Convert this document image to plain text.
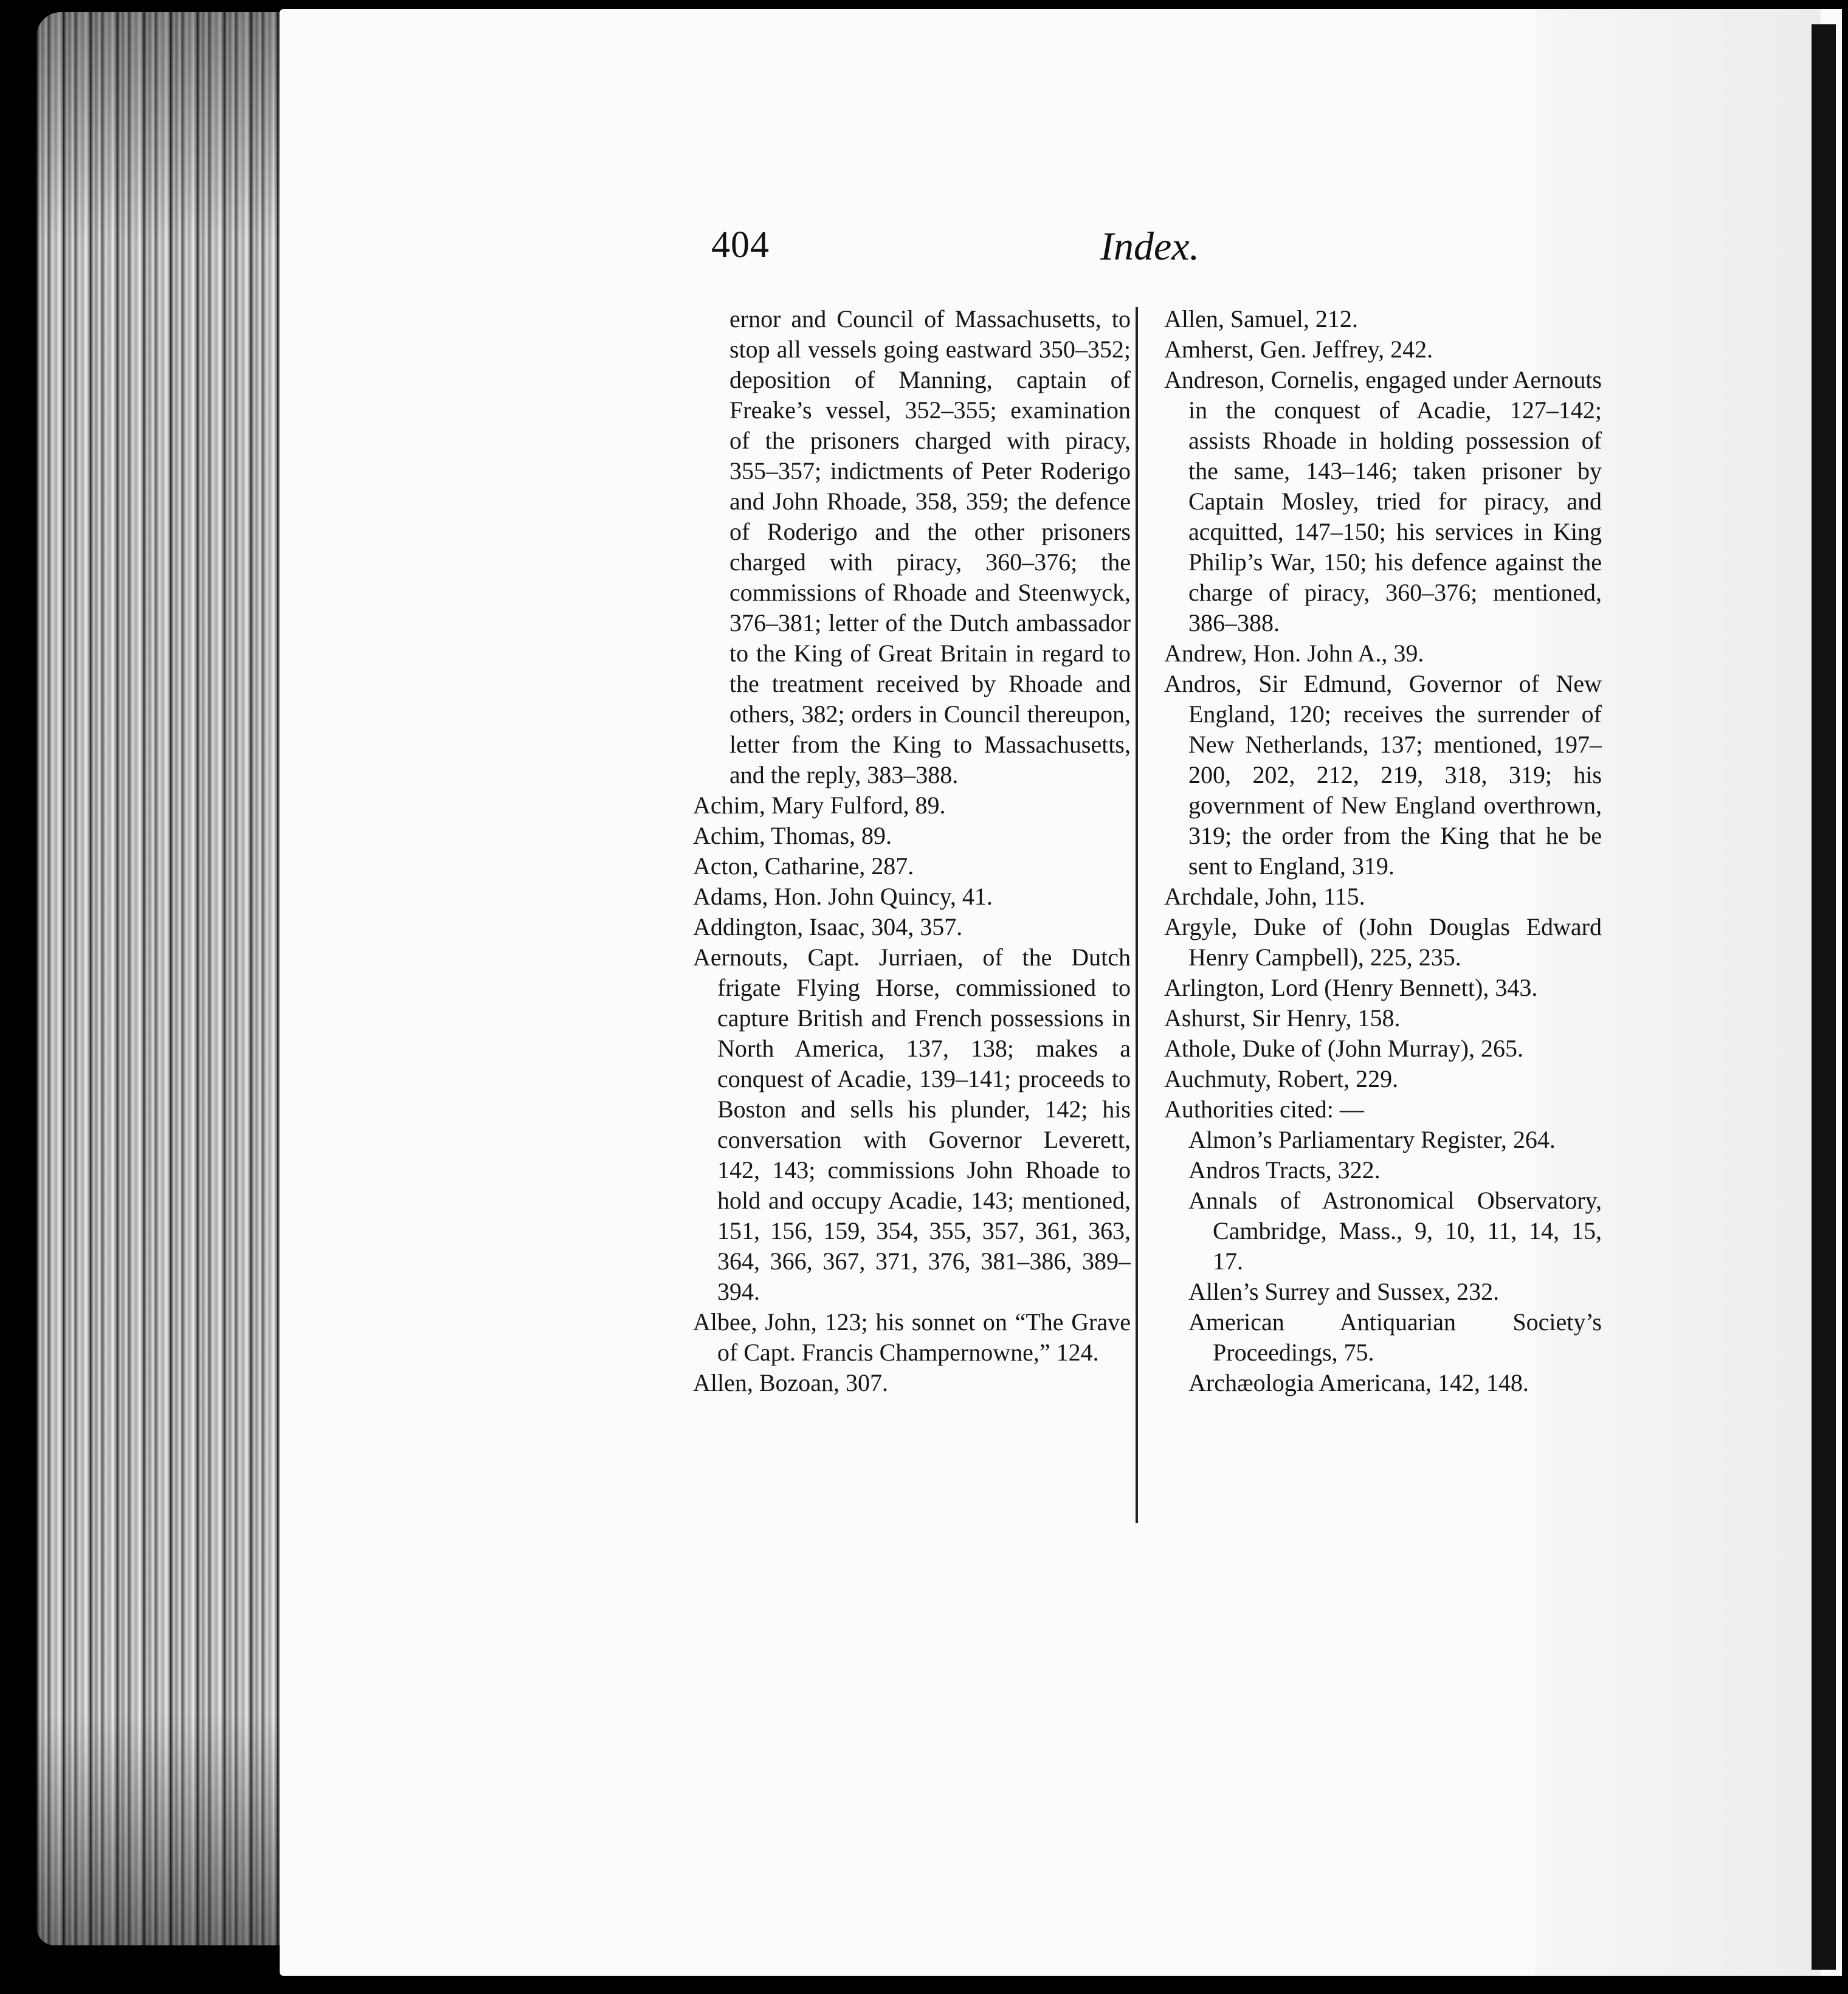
404	Index.

ernor and Council of Massachusetts, to stop all vessels going eastward 350–352; deposition of Manning, captain of Freake’s vessel, 352–355; examination of the prisoners charged with piracy, 355–357; indictments of Peter Roderigo and John Rhoade, 358, 359; the defence of Roderigo and the other prisoners charged with piracy, 360–376; the commissions of Rhoade and Steenwyck, 376–381; letter of the Dutch ambassador to the King of Great Britain in regard to the treatment received by Rhoade and others, 382; orders in Council thereupon, letter from the King to Massachusetts, and the reply, 383–388.

Achim, Mary Fulford, 89.

Achim, Thomas, 89.

Acton, Catharine, 287.

Adams, Hon. John Quincy, 41.

Addington, Isaac, 304, 357.

Aernouts, Capt. Jurriaen, of the Dutch frigate Flying Horse, commissioned to capture British and French possessions in North America, 137, 138; makes a conquest of Acadie, 139–141; proceeds to Boston and sells his plunder, 142; his conversation with Governor Leverett, 142, 143; commissions John Rhoade to hold and occupy Acadie, 143; mentioned, 151, 156, 159, 354, 355, 357, 361, 363, 364, 366, 367, 371, 376, 381–386, 389–394.

Albee, John, 123; his sonnet on “The Grave of Capt. Francis Champernowne,” 124.

Allen, Bozoan, 307.

Allen, Samuel, 212.

Amherst, Gen. Jeffrey, 242.

Andreson, Cornelis, engaged under Aernouts in the conquest of Acadie, 127–142; assists Rhoade in holding possession of the same, 143–146; taken prisoner by Captain Mosley, tried for piracy, and acquitted, 147–150; his services in King Philip’s War, 150; his defence against the charge of piracy, 360–376; mentioned, 386–388.

Andrew, Hon. John A., 39.

Andros, Sir Edmund, Governor of New England, 120; receives the surrender of New Netherlands, 137; mentioned, 197–200, 202, 212, 219, 318, 319; his government of New England overthrown, 319; the order from the King that he be sent to England, 319.

Archdale, John, 115.

Argyle, Duke of (John Douglas Edward Henry Campbell), 225, 235.

Arlington, Lord (Henry Bennett), 343.

Ashurst, Sir Henry, 158.

Athole, Duke of (John Murray), 265.

Auchmuty, Robert, 229.

Authorities cited: —

Almon’s Parliamentary Register, 264.

Andros Tracts, 322.

Annals of Astronomical Observatory, Cambridge, Mass., 9, 10, 11, 14, 15, 17.

Allen’s Surrey and Sussex, 232.

American Antiquarian Society’s Proceedings, 75.

Archæologia Americana, 142, 148.
